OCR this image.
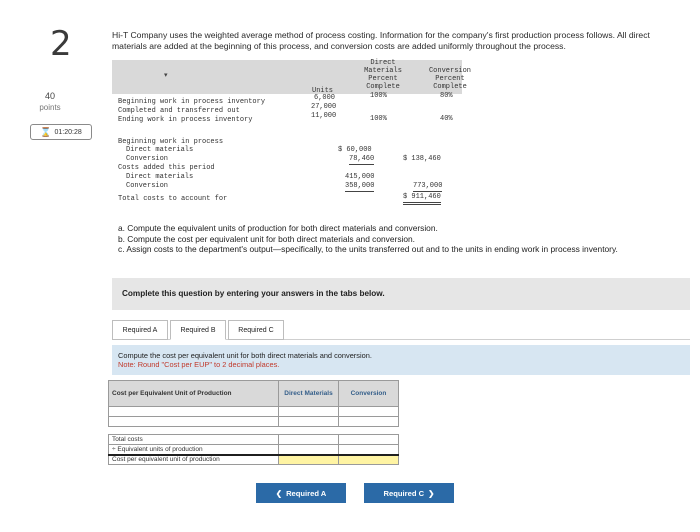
2
40
points
⌛ 01:20:28
Hi-T Company uses the weighted average method of process costing. Information for the company's first production process follows. All direct materials are added at the beginning of this process, and conversion costs are added uniformly throughout the process.
▾
Units
Direct
Materials
Percent
Complete
Conversion
Percent
Complete
Beginning work in process inventory	6,000	100%	80%
Completed and transferred out	27,000
Ending work in process inventory	11,000	100%	40%
Beginning work in process
Direct materials	$ 60,000
Conversion	78,460	$ 138,460
Costs added this period
Direct materials	415,000
Conversion	358,000	773,000
Total costs to account for	$ 911,460
a. Compute the equivalent units of production for both direct materials and conversion.
b. Compute the cost per equivalent unit for both direct materials and conversion.
c. Assign costs to the department's output—specifically, to the units transferred out and to the units in ending work in process inventory.
Complete this question by entering your answers in the tabs below.
Required A	Required B	Required C
Compute the cost per equivalent unit for both direct materials and conversion.
Note: Round "Cost per EUP" to 2 decimal places.
Cost per Equivalent Unit of Production	Direct Materials	Conversion

Total costs		
÷ Equivalent units of production		
Cost per equivalent unit of production		
❮ Required A	Required C ❯
